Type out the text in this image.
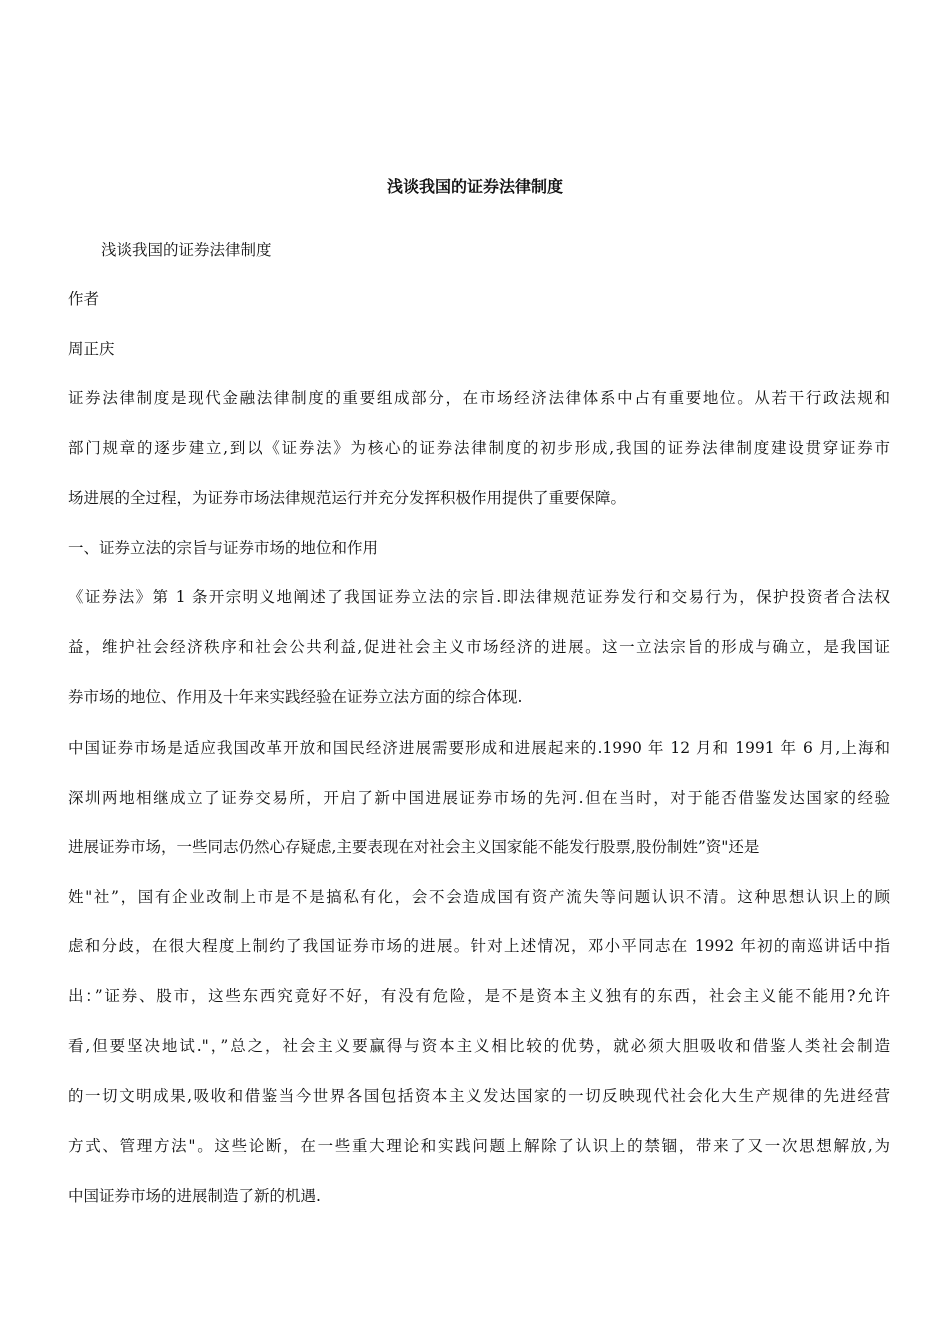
浅谈我国的证券法律制度
浅谈我国的证券法律制度
作者
周正庆
证券法律制度是现代金融法律制度的重要组成部分，在市场经济法律体系中占有重要地位。从若干行政法规和
部门规章的逐步建立,到以《证券法》为核心的证券法律制度的初步形成,我国的证券法律制度建设贯穿证券市
场进展的全过程，为证券市场法律规范运行并充分发挥积极作用提供了重要保障。
一、证券立法的宗旨与证券市场的地位和作用
《证券法》第 1 条开宗明义地阐述了我国证券立法的宗旨.即法律规范证券发行和交易行为，保护投资者合法权
益，维护社会经济秩序和社会公共利益,促进社会主义市场经济的进展。这一立法宗旨的形成与确立，是我国证
券市场的地位、作用及十年来实践经验在证券立法方面的综合体现.
中国证券市场是适应我国改革开放和国民经济进展需要形成和进展起来的.1990 年 12 月和 1991 年 6 月,上海和
深圳两地相继成立了证券交易所，开启了新中国进展证券市场的先河.但在当时，对于能否借鉴发达国家的经验
进展证券市场，一些同志仍然心存疑虑,主要表现在对社会主义国家能不能发行股票,股份制姓”资"还是
姓"社”，国有企业改制上市是不是搞私有化，会不会造成国有资产流失等问题认识不清。这种思想认识上的顾
虑和分歧，在很大程度上制约了我国证券市场的进展。针对上述情况，邓小平同志在 1992 年初的南巡讲话中指
出：”证券、股市，这些东西究竟好不好，有没有危险，是不是资本主义独有的东西，社会主义能不能用?允许
看,但要坚决地试."，”总之，社会主义要赢得与资本主义相比较的优势，就必须大胆吸收和借鉴人类社会制造
的一切文明成果,吸收和借鉴当今世界各国包括资本主义发达国家的一切反映现代社会化大生产规律的先进经营
方式、管理方法"。这些论断，在一些重大理论和实践问题上解除了认识上的禁锢，带来了又一次思想解放,为
中国证券市场的进展制造了新的机遇.
